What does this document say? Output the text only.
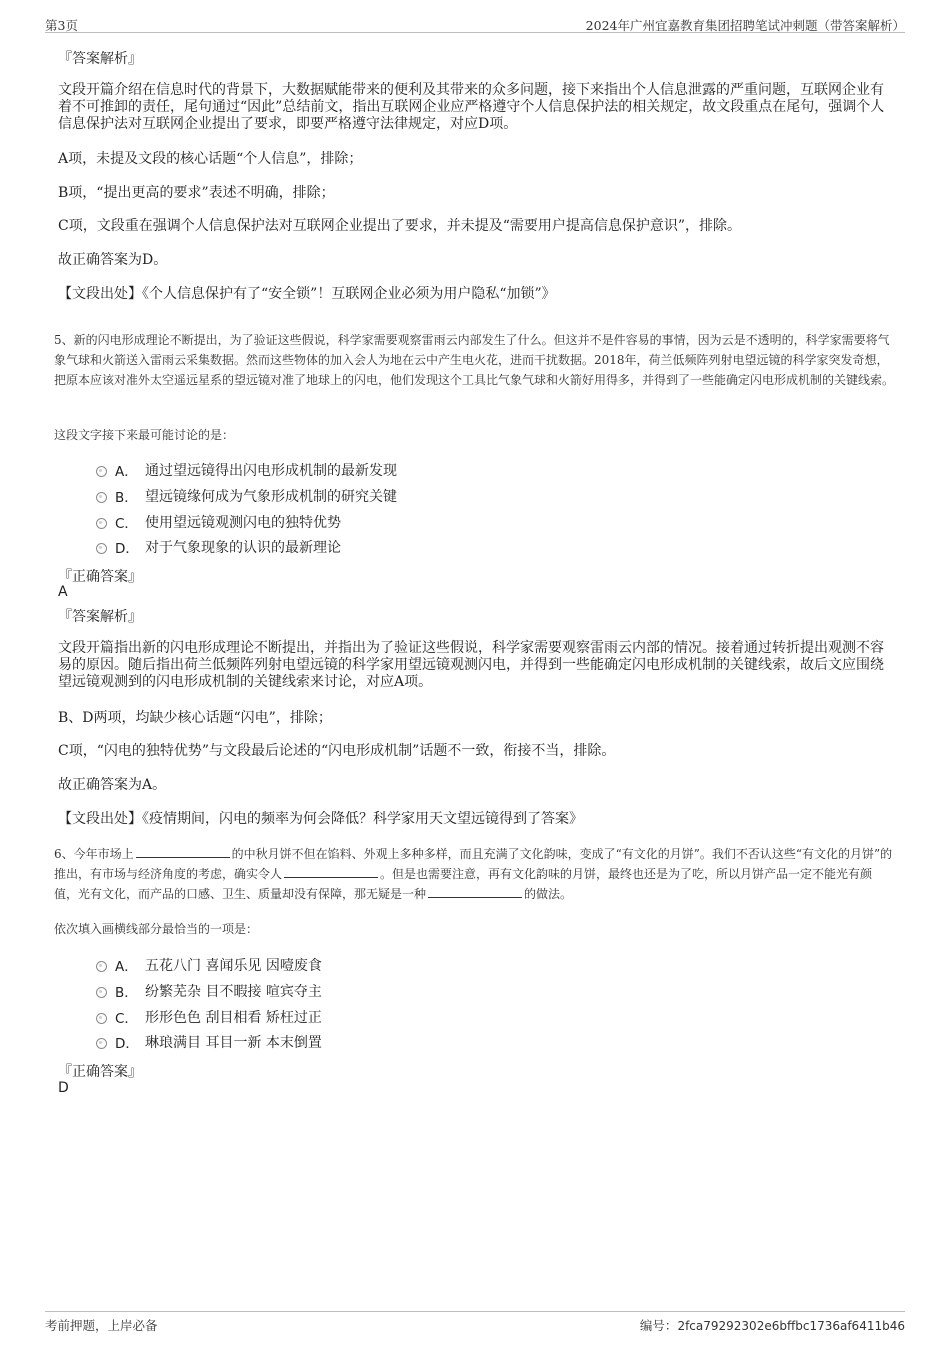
第3页	2024年广州宜嘉教育集团招聘笔试冲刺题（带答案解析）
『答案解析』

文段开篇介绍在信息时代的背景下，大数据赋能带来的便利及其带来的众多问题，接下来指出个人信息泄露的严重问题，互联网企业有着不可推卸的责任，尾句通过“因此”总结前文，指出互联网企业应严格遵守个人信息保护法的相关规定，故文段重点在尾句，强调个人信息保护法对互联网企业提出了要求，即要严格遵守法律规定，对应D项。

A项，未提及文段的核心话题“个人信息”，排除；

B项，“提出更高的要求”表述不明确，排除；

C项，文段重在强调个人信息保护法对互联网企业提出了要求，并未提及“需要用户提高信息保护意识”，排除。

故正确答案为D。

【文段出处】《个人信息保护有了“安全锁”！互联网企业必须为用户隐私“加锁”》

5、新的闪电形成理论不断提出，为了验证这些假说，科学家需要观察雷雨云内部发生了什么。但这并不是件容易的事情，因为云是不透明的，科学家需要将气象气球和火箭送入雷雨云采集数据。然而这些物体的加入会人为地在云中产生电火花，进而干扰数据。2018年，荷兰低频阵列射电望远镜的科学家突发奇想，把原本应该对准外太空遥远星系的望远镜对准了地球上的闪电，他们发现这个工具比气象气球和火箭好用得多，并得到了一些能确定闪电形成机制的关键线索。

这段文字接下来最可能讨论的是：
A． 通过望远镜得出闪电形成机制的最新发现
B． 望远镜缘何成为气象形成机制的研究关键
C． 使用望远镜观测闪电的独特优势
D． 对于气象现象的认识的最新理论
『正确答案』
A
『答案解析』

文段开篇指出新的闪电形成理论不断提出，并指出为了验证这些假说，科学家需要观察雷雨云内部的情况。接着通过转折提出观测不容易的原因。随后指出荷兰低频阵列射电望远镜的科学家用望远镜观测闪电，并得到一些能确定闪电形成机制的关键线索，故后文应围绕望远镜观测到的闪电形成机制的关键线索来讨论，对应A项。

B、D两项，均缺少核心话题“闪电”，排除；

C项，“闪电的独特优势”与文段最后论述的“闪电形成机制”话题不一致，衔接不当，排除。

故正确答案为A。

【文段出处】《疫情期间，闪电的频率为何会降低？科学家用天文望远镜得到了答案》

6、今年市场上	的中秋月饼不但在馅料、外观上多种多样，而且充满了文化韵味，变成了“有文化的月饼”。我们不否认这些“有文化的月饼”的推出，有市场与经济角度的考虑，确实令人	。但是也需要注意，再有文化韵味的月饼，最终也还是为了吃，所以月饼产品一定不能光有颜值，光有文化，而产品的口感、卫生、质量却没有保障，那无疑是一种	的做法。

依次填入画横线部分最恰当的一项是：
A． 五花八门 喜闻乐见 因噎废食
B． 纷繁芜杂 目不暇接 喧宾夺主
C． 形形色色 刮目相看 矫枉过正
D． 琳琅满目 耳目一新 本末倒置
『正确答案』
D
考前押题，上岸必备	编号：2fca79292302e6bffbc1736af6411b46
